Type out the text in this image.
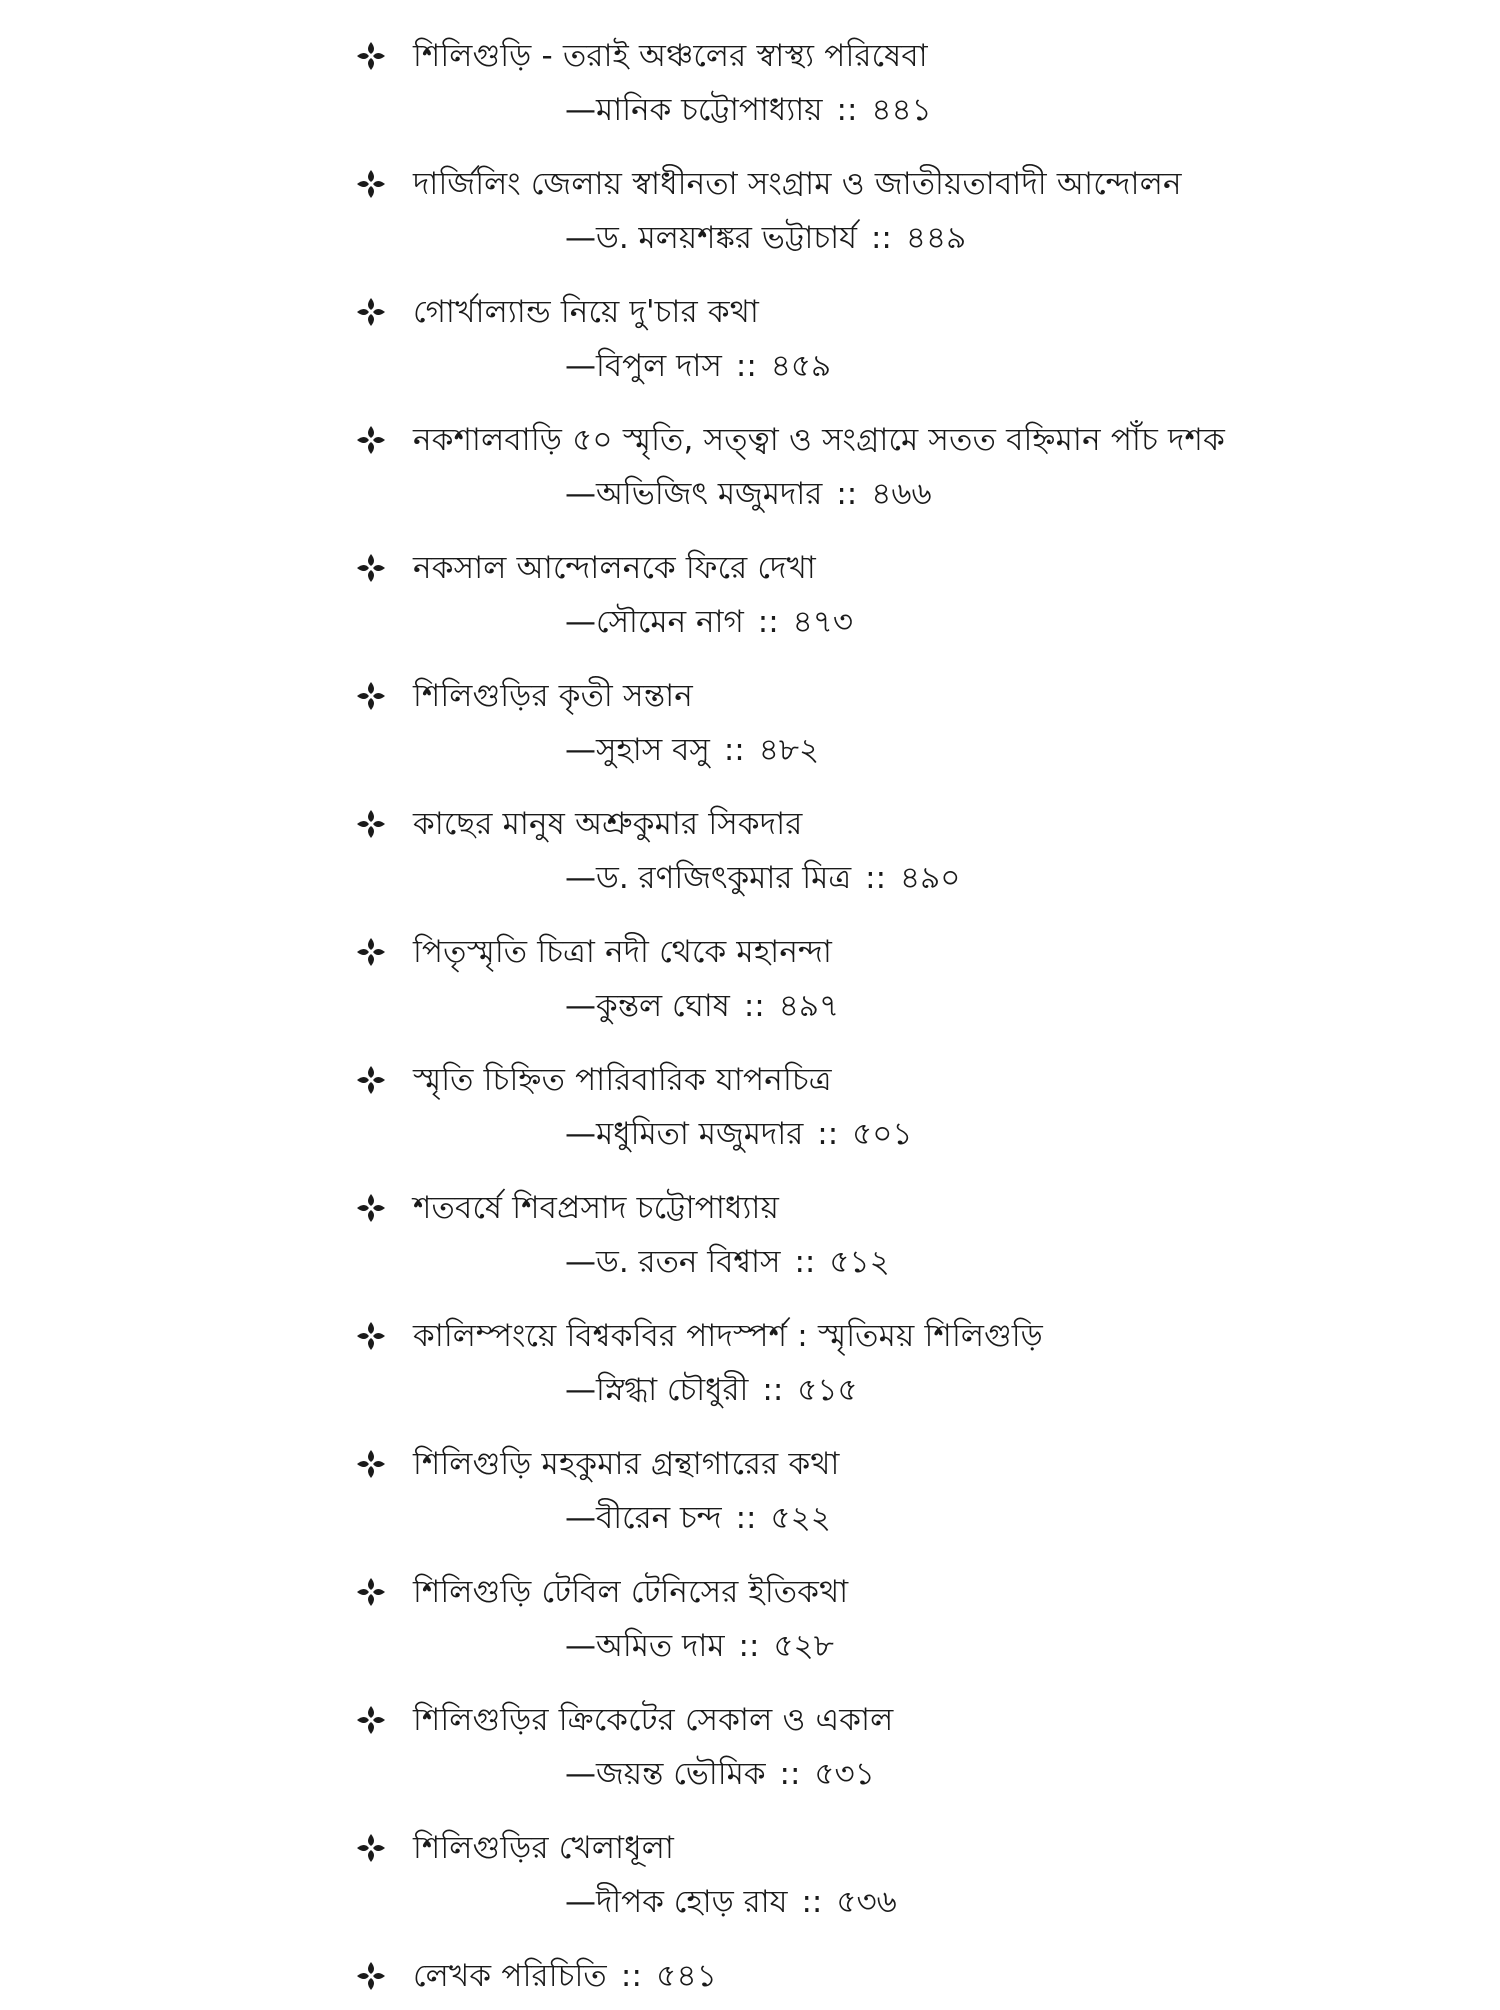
শিলিগুড়ি - তরাই অঞ্চলের স্বাস্থ্য পরিষেবা
—মানিক চট্টোপাধ্যায় :: ৪৪১
দার্জিলিং জেলায় স্বাধীনতা সংগ্রাম ও জাতীয়তাবাদী আন্দোলন
—ড. মলয়শঙ্কর ভট্টাচার্য :: ৪৪৯
গোর্খাল্যান্ড নিয়ে দু'চার কথা
—বিপুল দাস :: ৪৫৯
নকশালবাড়ি ৫০ স্মৃতি, সত্ত্বা ও সংগ্রামে সতত বহ্নিমান পাঁচ দশক
—অভিজিৎ মজুমদার :: ৪৬৬
নকসাল আন্দোলনকে ফিরে দেখা
—সৌমেন নাগ :: ৪৭৩
শিলিগুড়ির কৃতী সন্তান
—সুহাস বসু :: ৪৮২
কাছের মানুষ অশ্রুকুমার সিকদার
—ড. রণজিৎকুমার মিত্র :: ৪৯০
পিতৃস্মৃতি চিত্রা নদী থেকে মহানন্দা
—কুন্তল ঘোষ :: ৪৯৭
স্মৃতি চিহ্নিত পারিবারিক যাপনচিত্র
—মধুমিতা মজুমদার :: ৫০১
শতবর্ষে শিবপ্রসাদ চট্টোপাধ্যায়
—ড. রতন বিশ্বাস :: ৫১২
কালিম্পংয়ে বিশ্বকবির পাদস্পর্শ : স্মৃতিময় শিলিগুড়ি
—স্নিগ্ধা চৌধুরী :: ৫১৫
শিলিগুড়ি মহকুমার গ্রন্থাগারের কথা
—বীরেন চন্দ :: ৫২২
শিলিগুড়ি টেবিল টেনিসের ইতিকথা
—অমিত দাম :: ৫২৮
শিলিগুড়ির ক্রিকেটের সেকাল ও একাল
—জয়ন্ত ভৌমিক :: ৫৩১
শিলিগুড়ির খেলাধূলা
—দীপক হোড় রায :: ৫৩৬
লেখক পরিচিতি :: ৫৪১
